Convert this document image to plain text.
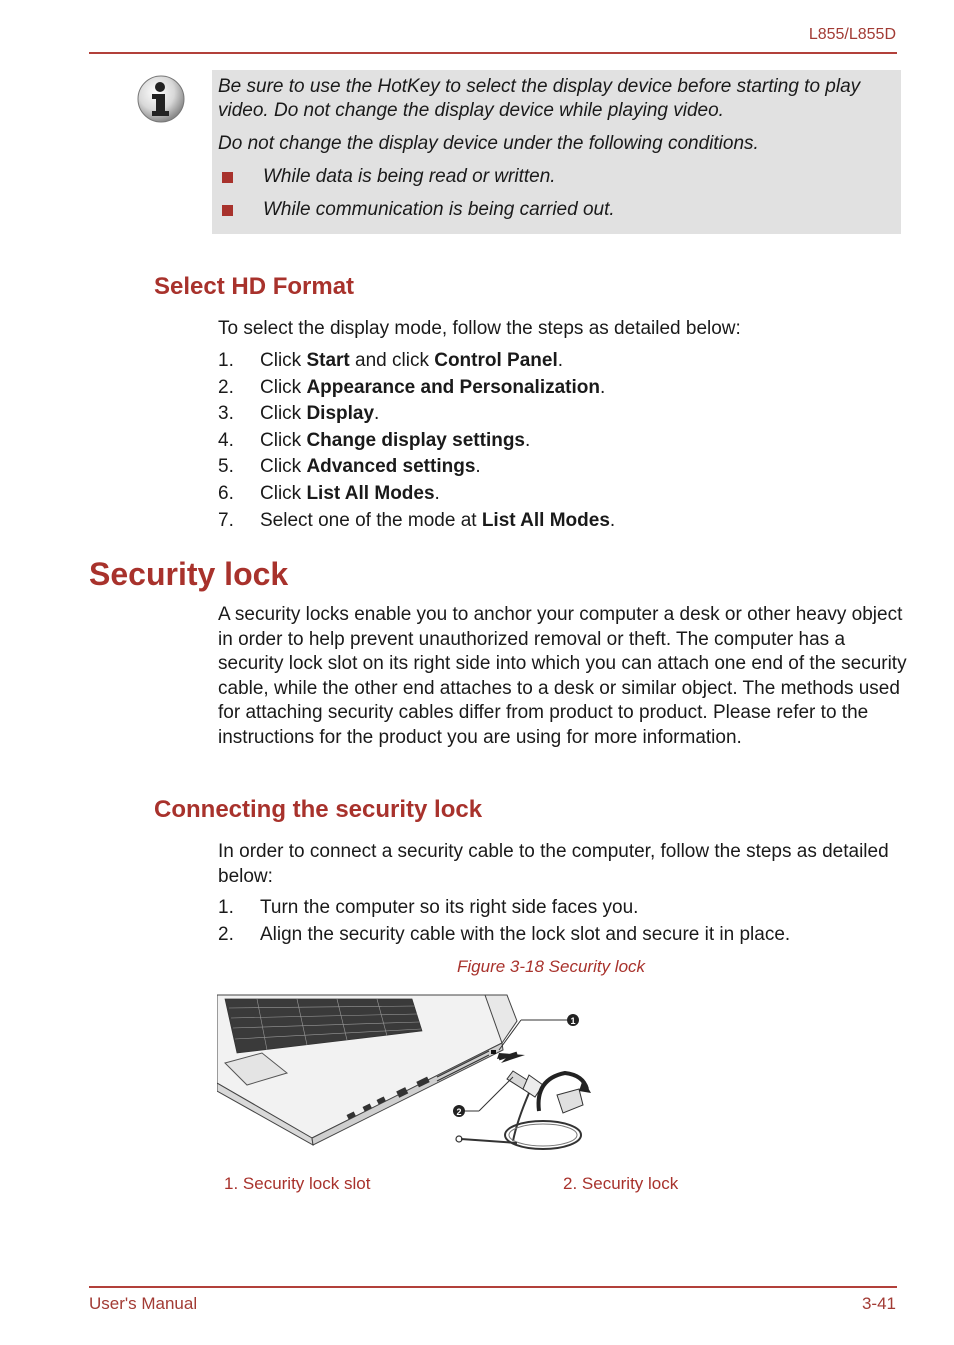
L855/L855D

Be sure to use the HotKey to select the display device before starting to play video. Do not change the display device while playing video.

Do not change the display device under the following conditions.

While data is being read or written.
While communication is being carried out.
Select HD Format
To select the display mode, follow the steps as detailed below:
1.	Click Start and click Control Panel.
2.	Click Appearance and Personalization.
3.	Click Display.
4.	Click Change display settings.
5.	Click Advanced settings.
6.	Click List All Modes.
7.	Select one of the mode at List All Modes.
Security lock
A security locks enable you to anchor your computer a desk or other heavy object in order to help prevent unauthorized removal or theft. The computer has a security lock slot on its right side into which you can attach one end of the security cable, while the other end attaches to a desk or similar object. The methods used for attaching security cables differ from product to product. Please refer to the instructions for the product you are using for more information.
Connecting the security lock
In order to connect a security cable to the computer, follow the steps as detailed below:
1.	Turn the computer so its right side faces you.
2.	Align the security cable with the lock slot and secure it in place.
Figure 3-18 Security lock
1
2
1. Security lock slot	2. Security lock
User's Manual	3-41
